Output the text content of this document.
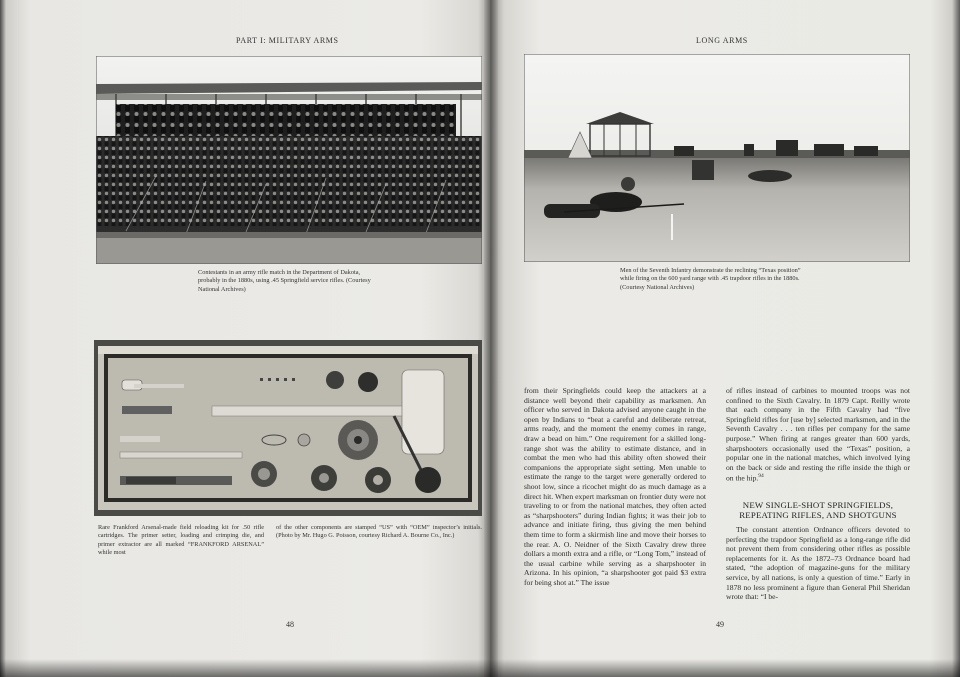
PART I: MILITARY ARMS
Contestants in an army rifle match in the Department of Dakota, probably in the 1880s, using .45 Springfield service rifles. (Courtesy National Archives)
Rare Frankford Arsenal-made field reloading kit for .50 rifle cartridges. The primer setter, loading and crimping die, and primer extractor are all marked “FRANKFORD ARSENAL” while most
of the other components are stamped “US” with “OEM” inspector’s initials. (Photo by Mr. Hugo G. Poisson, courtesy Richard A. Bourne Co., Inc.)
48
LONG ARMS
Men of the Seventh Infantry demonstrate the reclining “Texas position” while firing on the 600 yard range with .45 trapdoor rifles in the 1880s. (Courtesy National Archives)

from their Springfields could keep the attackers at a distance well beyond their capability as marksmen. An officer who served in Dakota advised anyone caught in the open by Indians to “beat a careful and deliberate retreat, arms ready, and the moment the enemy comes in range, draw a bead on him.” One requirement for a skilled long-range shot was the ability to estimate distance, and in combat the men who had this ability often showed their companions the appropriate sight setting. Men unable to estimate the range to the target were generally ordered to shoot low, since a ricochet might do as much damage as a direct hit. When expert marksman on frontier duty were not traveling to or from the national matches, they often acted as “sharpshooters” during Indian fights; it was their job to advance and initiate firing, thus giving the men behind them time to form a skirmish line and move their horses to the rear. A. O. Neidner of the Sixth Cavalry drew three dollars a month extra and a rifle, or “Long Tom,” instead of the usual carbine while serving as a sharpshooter in Arizona. In his opinion, “a sharpshooter got paid $3 extra for being shot at.” The issue

of rifles instead of carbines to mounted troops was not confined to the Sixth Cavalry. In 1879 Capt. Reilly wrote that each company in the Fifth Cavalry had “five Springfield rifles for [use by] selected marksmen, and in the Seventh Cavalry . . . ten rifles per company for the same purpose.” When firing at ranges greater than 600 yards, sharpshooters occasionally used the “Texas” position, a popular one in the national matches, which involved lying on the back or side and resting the rifle inside the thigh or on the hip.$^{94}$

NEW SINGLE-SHOT SPRINGFIELDS,
REPEATING RIFLES, AND SHOTGUNS

The constant attention Ordnance officers devoted to perfecting the trapdoor Springfield as a long-range rifle did not prevent them from considering other rifles as possible replacements for it. As the 1872–73 Ordnance board had stated, “the adoption of magazine-guns for the military service, by all nations, is only a question of time.” Early in 1878 no less prominent a figure than General Phil Sheridan wrote that: “I be-

49
